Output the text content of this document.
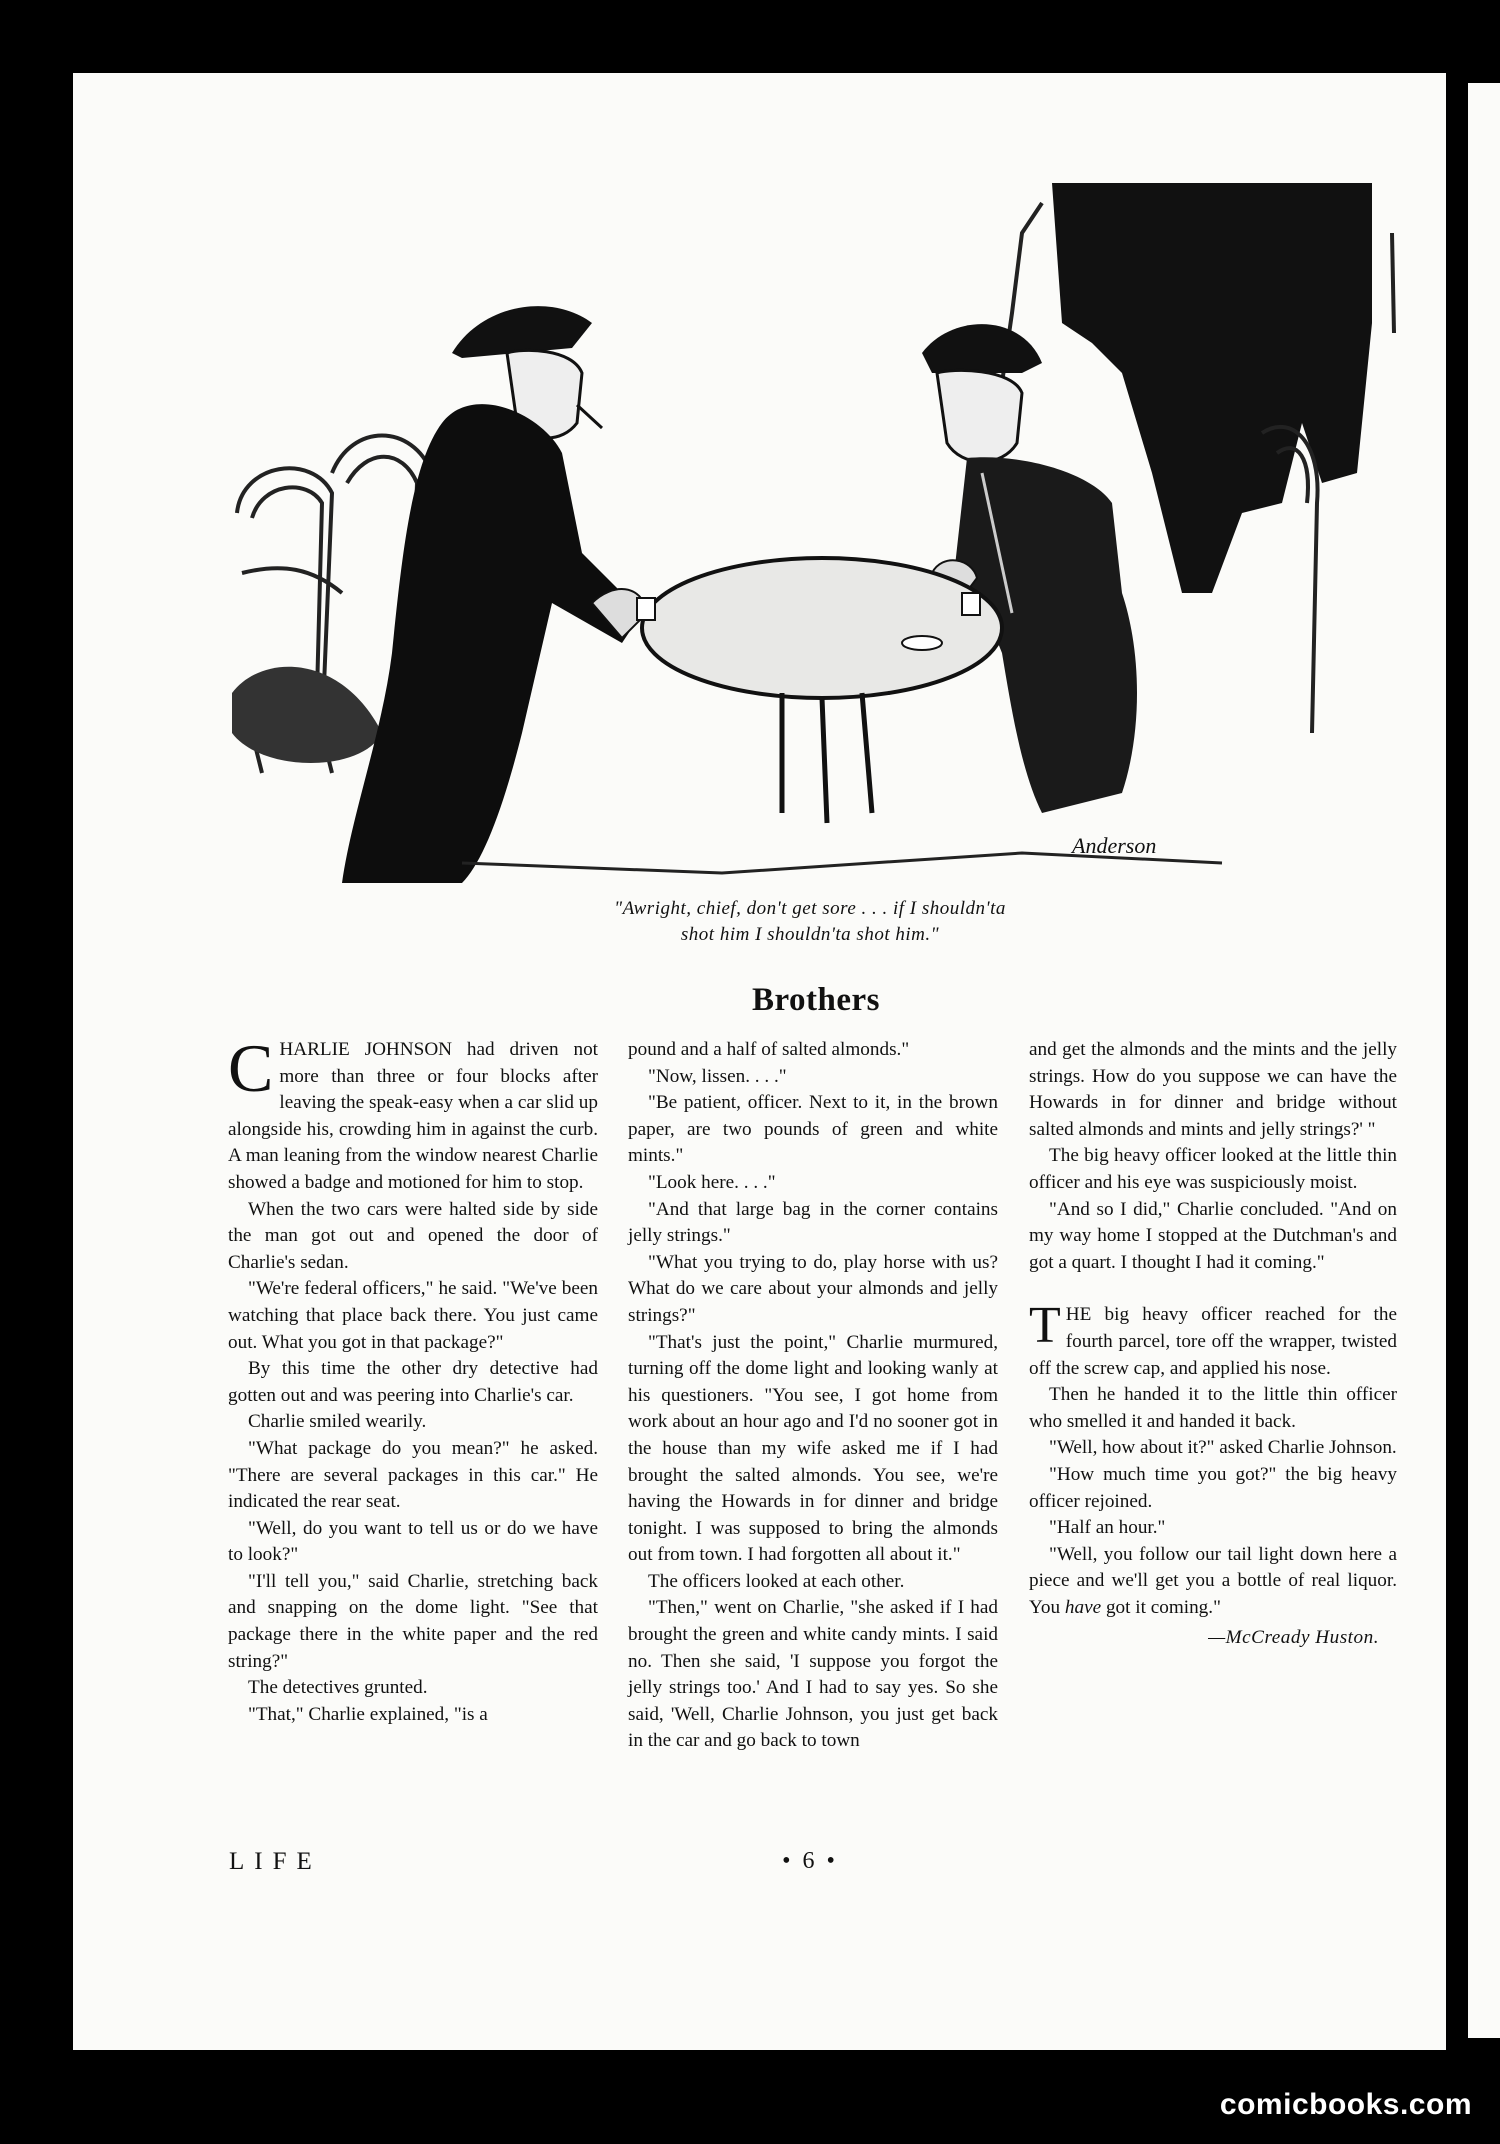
Anderson
"Awright, chief, don't get sore . . . if I shouldn'ta
shot him I shouldn'ta shot him."
Brothers

CHARLIE JOHNSON had driven not more than three or four blocks after leaving the speak-easy when a car slid up alongside his, crowding him in against the curb. A man leaning from the window nearest Charlie showed a badge and motioned for him to stop.

When the two cars were halted side by side the man got out and opened the door of Charlie's sedan.

"We're federal officers," he said. "We've been watching that place back there. You just came out. What you got in that package?"

By this time the other dry detective had gotten out and was peering into Charlie's car.

Charlie smiled wearily.

"What package do you mean?" he asked. "There are several packages in this car." He indicated the rear seat.

"Well, do you want to tell us or do we have to look?"

"I'll tell you," said Charlie, stretching back and snapping on the dome light. "See that package there in the white paper and the red string?"

The detectives grunted.

"That," Charlie explained, "is a

pound and a half of salted almonds."

"Now, lissen. . . ."

"Be patient, officer. Next to it, in the brown paper, are two pounds of green and white mints."

"Look here. . . ."

"And that large bag in the corner contains jelly strings."

"What you trying to do, play horse with us? What do we care about your almonds and jelly strings?"

"That's just the point," Charlie murmured, turning off the dome light and looking wanly at his questioners. "You see, I got home from work about an hour ago and I'd no sooner got in the house than my wife asked me if I had brought the salted almonds. You see, we're having the Howards in for dinner and bridge tonight. I was supposed to bring the almonds out from town. I had forgotten all about it."

The officers looked at each other.

"Then," went on Charlie, "she asked if I had brought the green and white candy mints. I said no. Then she said, 'I suppose you forgot the jelly strings too.' And I had to say yes. So she said, 'Well, Charlie Johnson, you just get back in the car and go back to town

and get the almonds and the mints and the jelly strings. How do you suppose we can have the Howards in for dinner and bridge without salted almonds and mints and jelly strings?' "

The big heavy officer looked at the little thin officer and his eye was suspiciously moist.

"And so I did," Charlie concluded. "And on my way home I stopped at the Dutchman's and got a quart. I thought I had it coming."

THE big heavy officer reached for the fourth parcel, tore off the wrapper, twisted off the screw cap, and applied his nose.

Then he handed it to the little thin officer who smelled it and handed it back.

"Well, how about it?" asked Charlie Johnson.

"How much time you got?" the big heavy officer rejoined.

"Half an hour."

"Well, you follow our tail light down here a piece and we'll get you a bottle of real liquor. You have got it coming."

—McCready Huston.
LIFE	• 6 •
comicbooks.com
